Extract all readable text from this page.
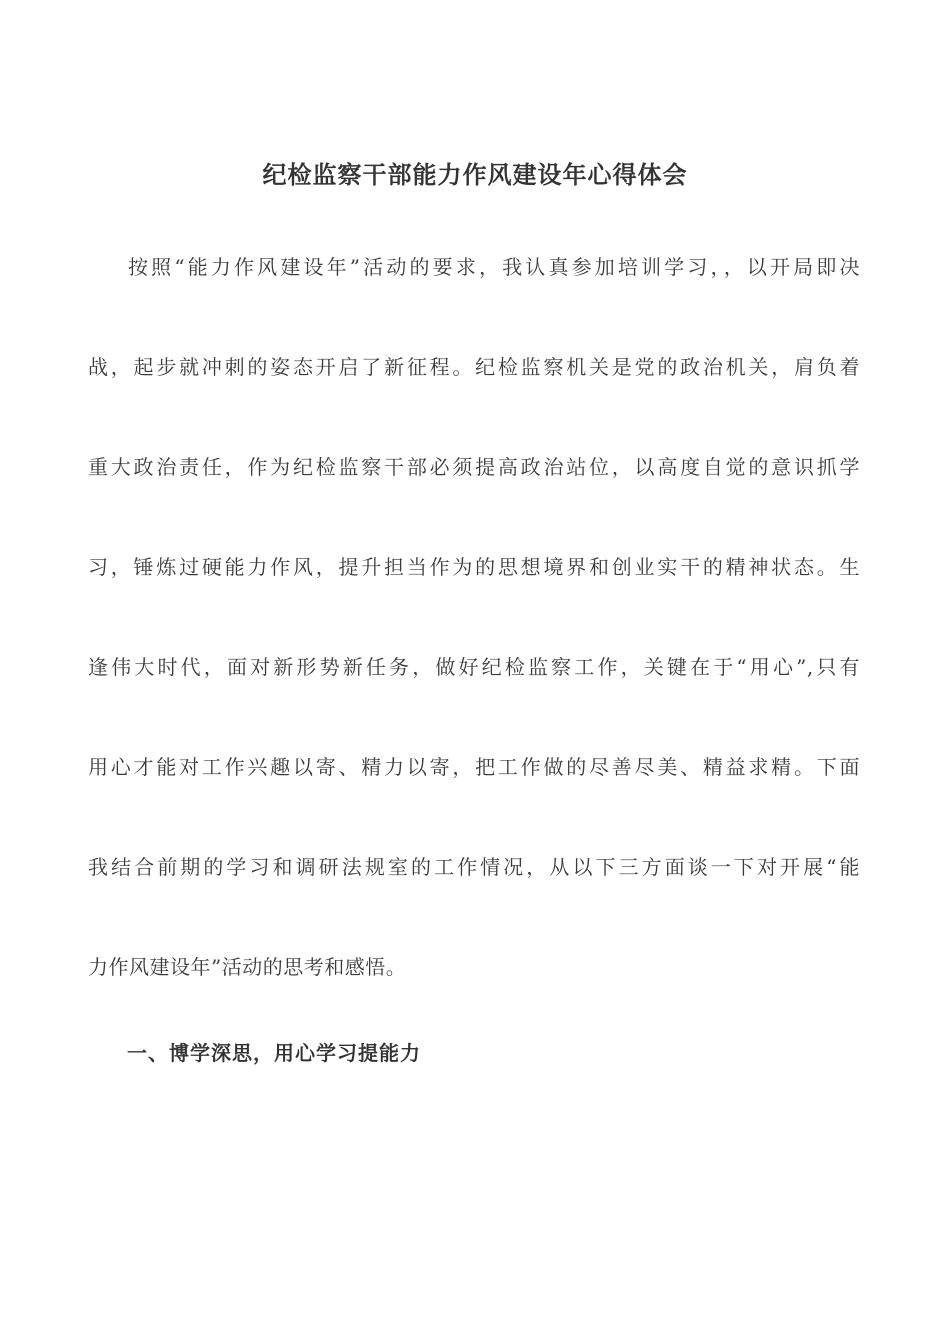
纪检监察干部能力作风建设年心得体会
按照“能力作风建设年”活动的要求，我认真参加培训学习，，以开局即决
战，起步就冲刺的姿态开启了新征程。纪检监察机关是党的政治机关，肩负着
重大政治责任，作为纪检监察干部必须提高政治站位，以高度自觉的意识抓学
习，锤炼过硬能力作风，提升担当作为的思想境界和创业实干的精神状态。生
逢伟大时代，面对新形势新任务，做好纪检监察工作，关键在于“用心”,只有
用心才能对工作兴趣以寄、精力以寄，把工作做的尽善尽美、精益求精。下面
我结合前期的学习和调研法规室的工作情况，从以下三方面谈一下对开展“能
力作风建设年”活动的思考和感悟。
一、博学深思，用心学习提能力
